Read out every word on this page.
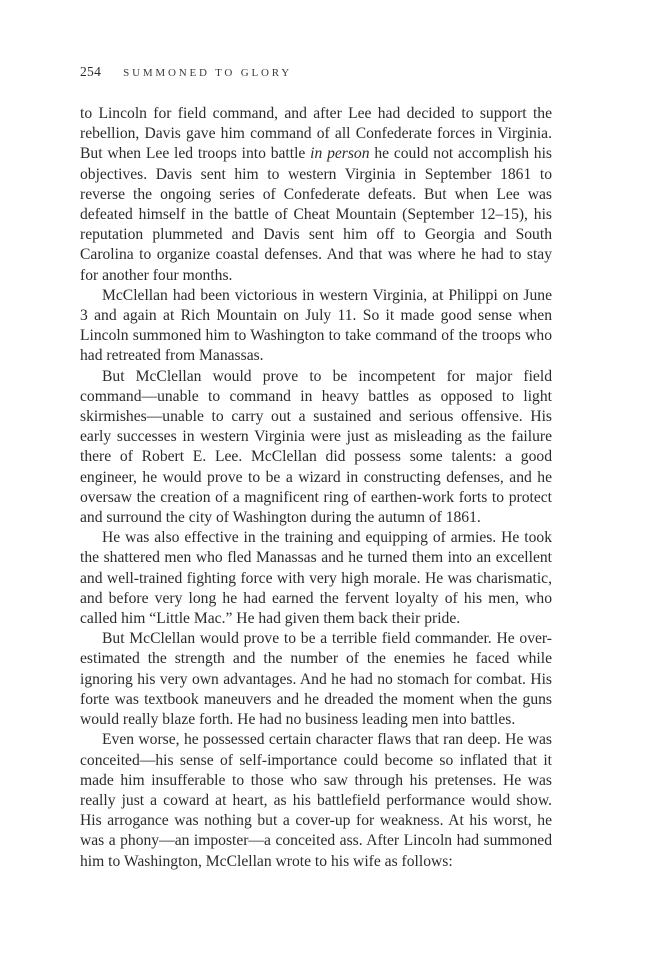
254 SUMMONED TO GLORY

to Lincoln for field command, and after Lee had decided to support the rebellion, Davis gave him command of all Confederate forces in Virginia. But when Lee led troops into battle in person he could not accomplish his objectives. Davis sent him to western Virginia in September 1861 to reverse the ongoing series of Confederate defeats. But when Lee was defeated himself in the battle of Cheat Mountain (September 12–15), his reputation plummeted and Davis sent him off to Georgia and South Carolina to organize coastal defenses. And that was where he had to stay for another four months.

McClellan had been victorious in western Virginia, at Philippi on June 3 and again at Rich Mountain on July 11. So it made good sense when Lincoln summoned him to Washington to take command of the troops who had retreated from Manassas.

But McClellan would prove to be incompetent for major field command—unable to command in heavy battles as opposed to light skirmishes—unable to carry out a sustained and serious offensive. His early successes in western Virginia were just as misleading as the failure there of Robert E. Lee. McClellan did possess some talents: a good engineer, he would prove to be a wizard in constructing defenses, and he oversaw the creation of a magnificent ring of earthen-work forts to protect and surround the city of Washington during the autumn of 1861.

He was also effective in the training and equipping of armies. He took the shattered men who fled Manassas and he turned them into an excellent and well-trained fighting force with very high morale. He was charismatic, and before very long he had earned the fervent loyalty of his men, who called him “Little Mac.” He had given them back their pride.

But McClellan would prove to be a terrible field commander. He over-estimated the strength and the number of the enemies he faced while ignoring his very own advantages. And he had no stomach for combat. His forte was textbook maneuvers and he dreaded the moment when the guns would really blaze forth. He had no business leading men into battles.

Even worse, he possessed certain character flaws that ran deep. He was conceited—his sense of self-importance could become so inflated that it made him insufferable to those who saw through his pretenses. He was really just a coward at heart, as his battlefield performance would show. His arrogance was nothing but a cover-up for weakness. At his worst, he was a phony—an imposter—a conceited ass. After Lincoln had summoned him to Washington, McClellan wrote to his wife as follows:
